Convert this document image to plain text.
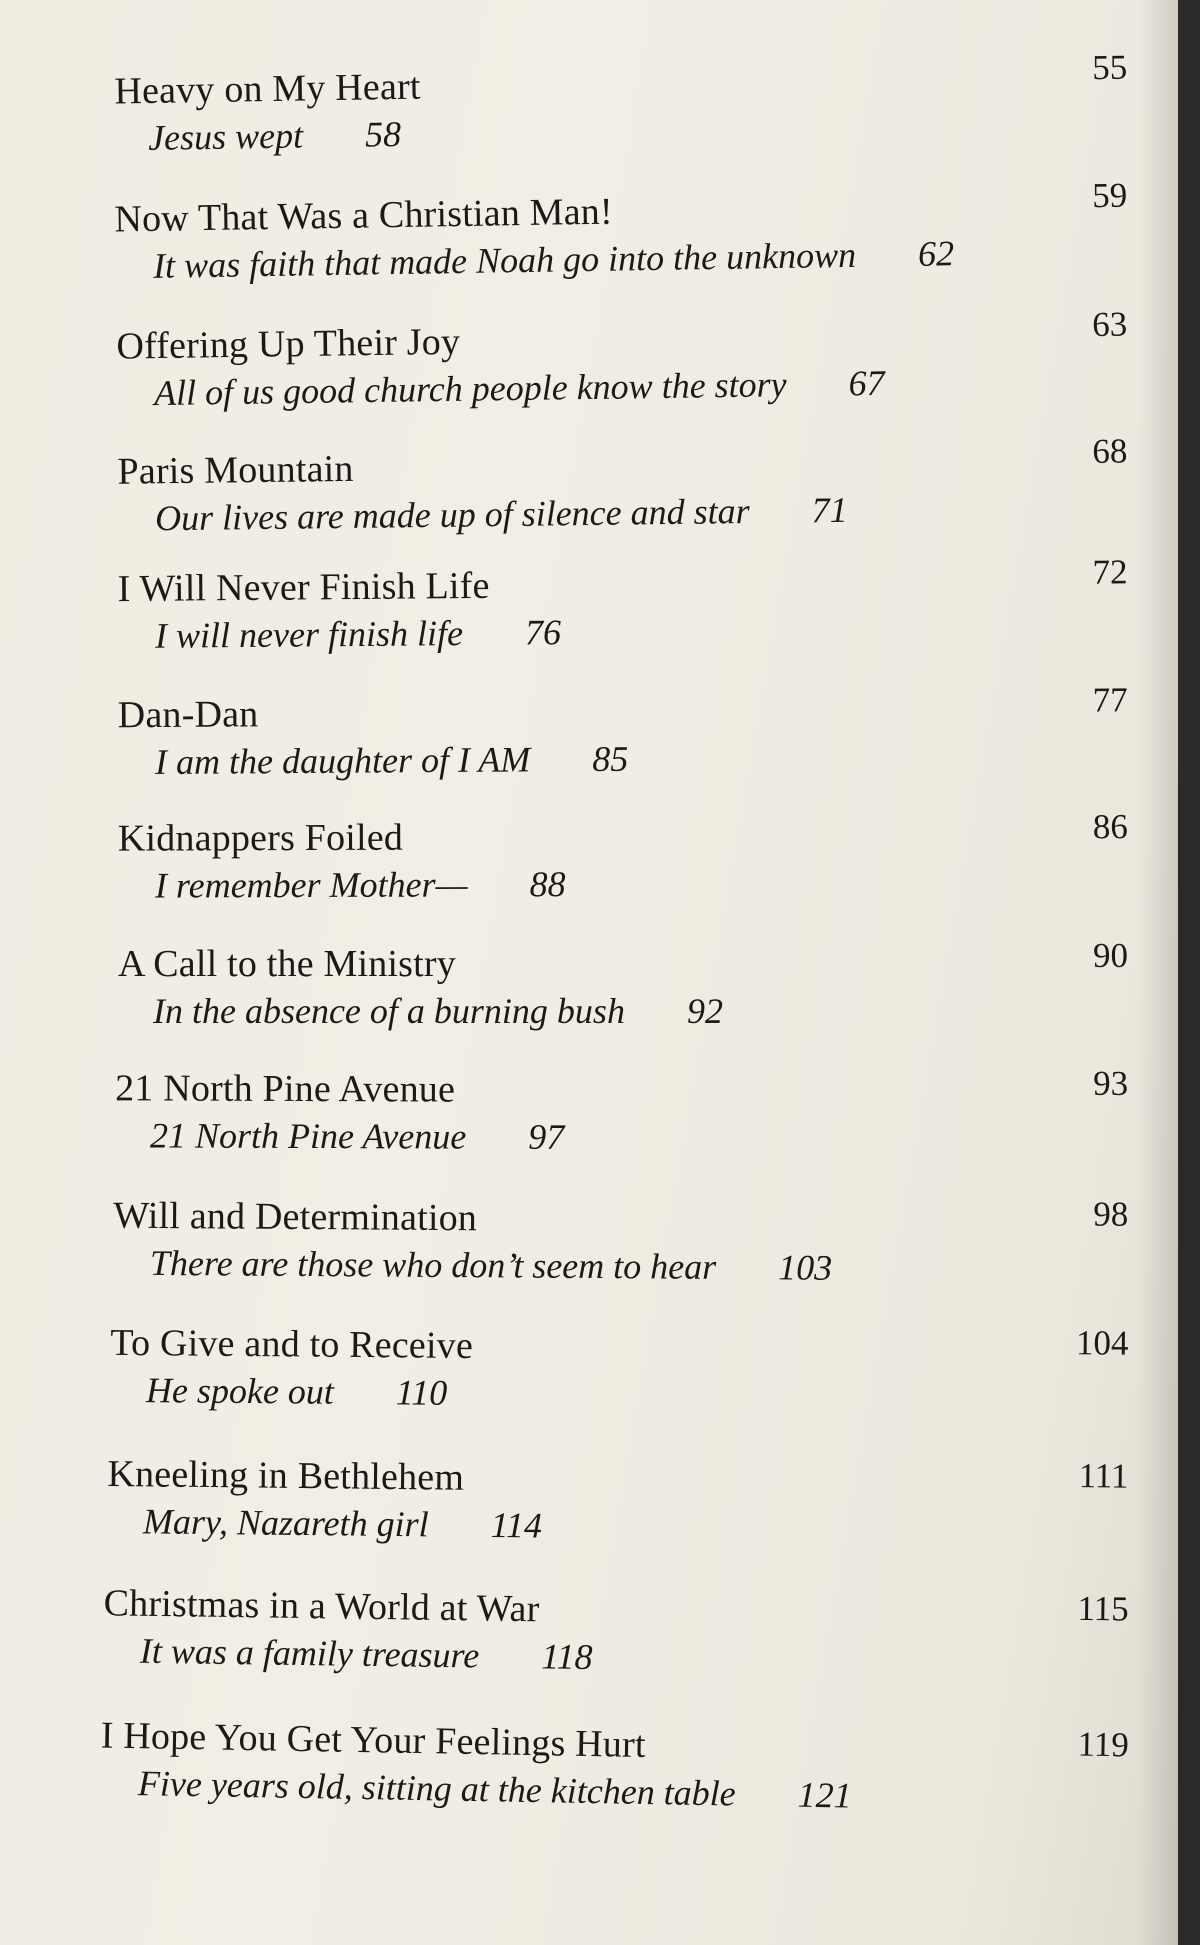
Heavy on My Heart	55
Jesus wept 58
Now That Was a Christian Man!	59
It was faith that made Noah go into the unknown 62
Offering Up Their Joy	63
All of us good church people know the story 67
Paris Mountain	68
Our lives are made up of silence and star 71
I Will Never Finish Life	72
I will never finish life 76
Dan-Dan	77
I am the daughter of I AM 85
Kidnappers Foiled	86
I remember Mother— 88
A Call to the Ministry	90
In the absence of a burning bush 92
21 North Pine Avenue	93
21 North Pine Avenue 97
Will and Determination	98
There are those who don’t seem to hear 103
To Give and to Receive	104
He spoke out 110
Kneeling in Bethlehem	111
Mary, Nazareth girl 114
Christmas in a World at War	115
It was a family treasure 118
I Hope You Get Your Feelings Hurt	119
Five years old, sitting at the kitchen table 121
